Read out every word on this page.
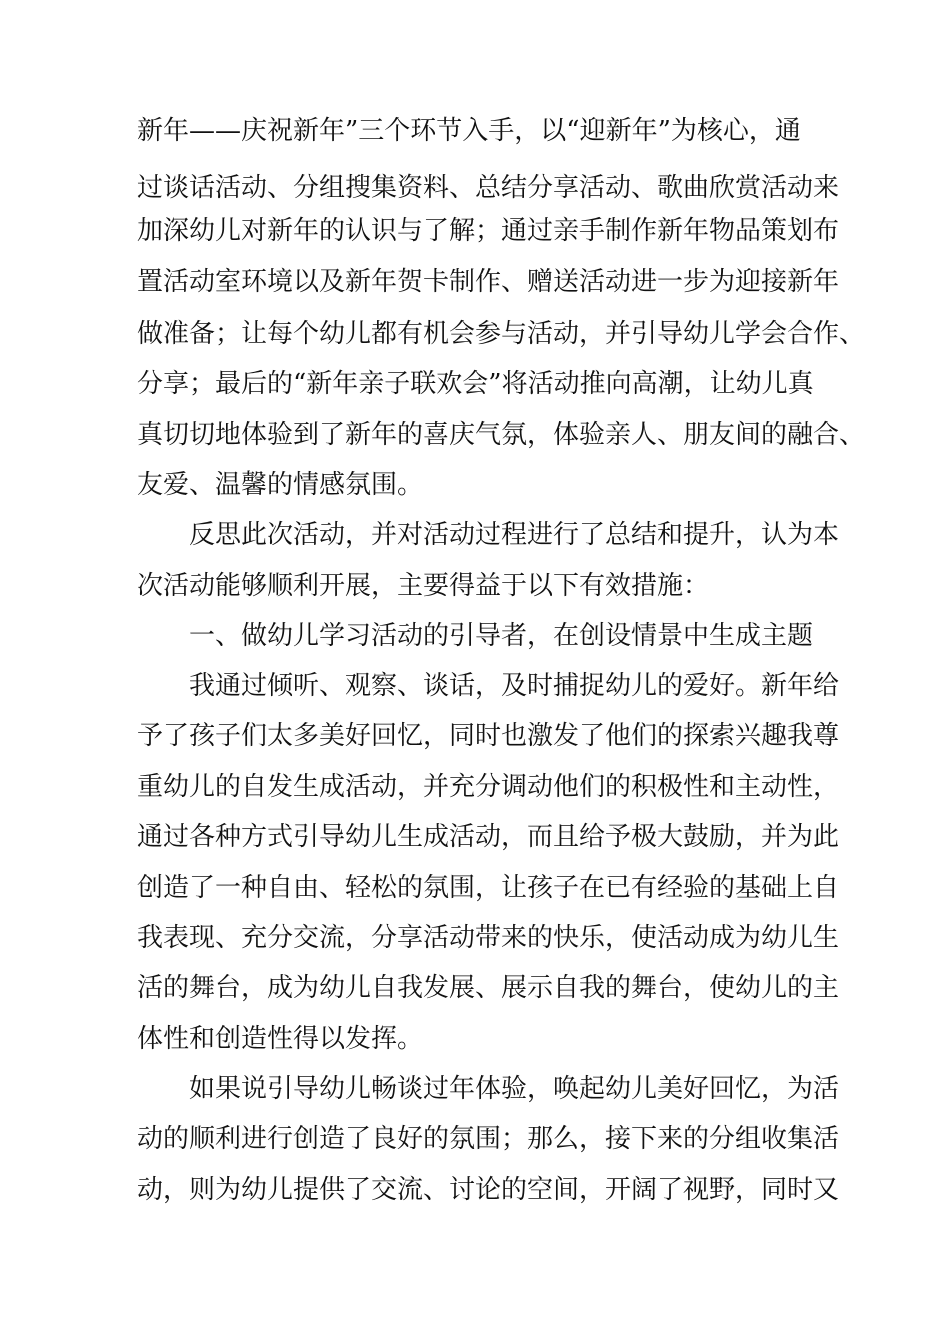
新年——庆祝新年”三个环节入手，以“迎新年”为核心，通
过谈话活动、分组搜集资料、总结分享活动、歌曲欣赏活动来
加深幼儿对新年的认识与了解；通过亲手制作新年物品策划布
置活动室环境以及新年贺卡制作、赠送活动进一步为迎接新年
做准备；让每个幼儿都有机会参与活动，并引导幼儿学会合作、
分享；最后的“新年亲子联欢会”将活动推向高潮，让幼儿真
真切切地体验到了新年的喜庆气氛，体验亲人、朋友间的融合、
友爱、温馨的情感氛围。
反思此次活动，并对活动过程进行了总结和提升，认为本
次活动能够顺利开展，主要得益于以下有效措施：
一、做幼儿学习活动的引导者，在创设情景中生成主题
我通过倾听、观察、谈话，及时捕捉幼儿的爱好。新年给
予了孩子们太多美好回忆，同时也激发了他们的探索兴趣我尊
重幼儿的自发生成活动，并充分调动他们的积极性和主动性，
通过各种方式引导幼儿生成活动，而且给予极大鼓励，并为此
创造了一种自由、轻松的氛围，让孩子在已有经验的基础上自
我表现、充分交流，分享活动带来的快乐，使活动成为幼儿生
活的舞台，成为幼儿自我发展、展示自我的舞台，使幼儿的主
体性和创造性得以发挥。
如果说引导幼儿畅谈过年体验，唤起幼儿美好回忆，为活
动的顺利进行创造了良好的氛围；那么，接下来的分组收集活
动，则为幼儿提供了交流、讨论的空间，开阔了视野，同时又
